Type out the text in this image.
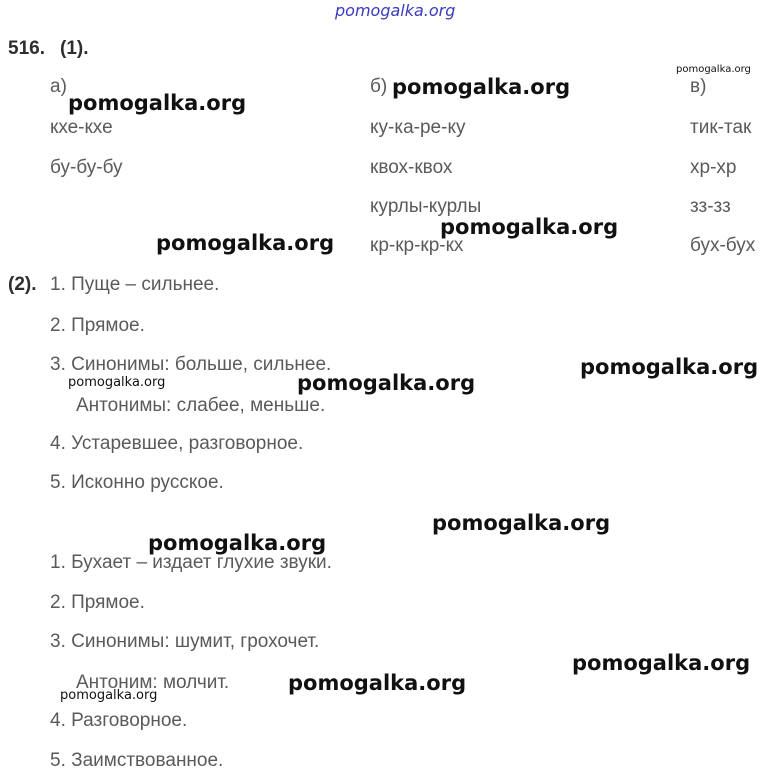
pomogalka.org
516. (1).
а)
кхе-кхе
бу-бу-бу
б)
ку-ка-ре-ку
квох-квох
курлы-курлы
кр-кр-кр-кх
в)
тик-так
хр-хр
зз-зз
бух-бух
(2). 1. Пуще – сильнее.
2. Прямое.
3. Синонимы: больше, сильнее.
Антонимы: слабее, меньше.
4. Устаревшее, разговорное.
5. Исконно русское.
1. Бухает – издает глухие звуки.
2. Прямое.
3. Синонимы: шумит, грохочет.
Антоним: молчит.
4. Разговорное.
5. Заимствованное.
pomogalka.org
pomogalka.org
pomogalka.org
pomogalka.org
pomogalka.org
pomogalka.org
pomogalka.org	pomogalka.org
pomogalka.org
pomogalka.org
pomogalka.org
pomogalka.org
pomogalka.org
